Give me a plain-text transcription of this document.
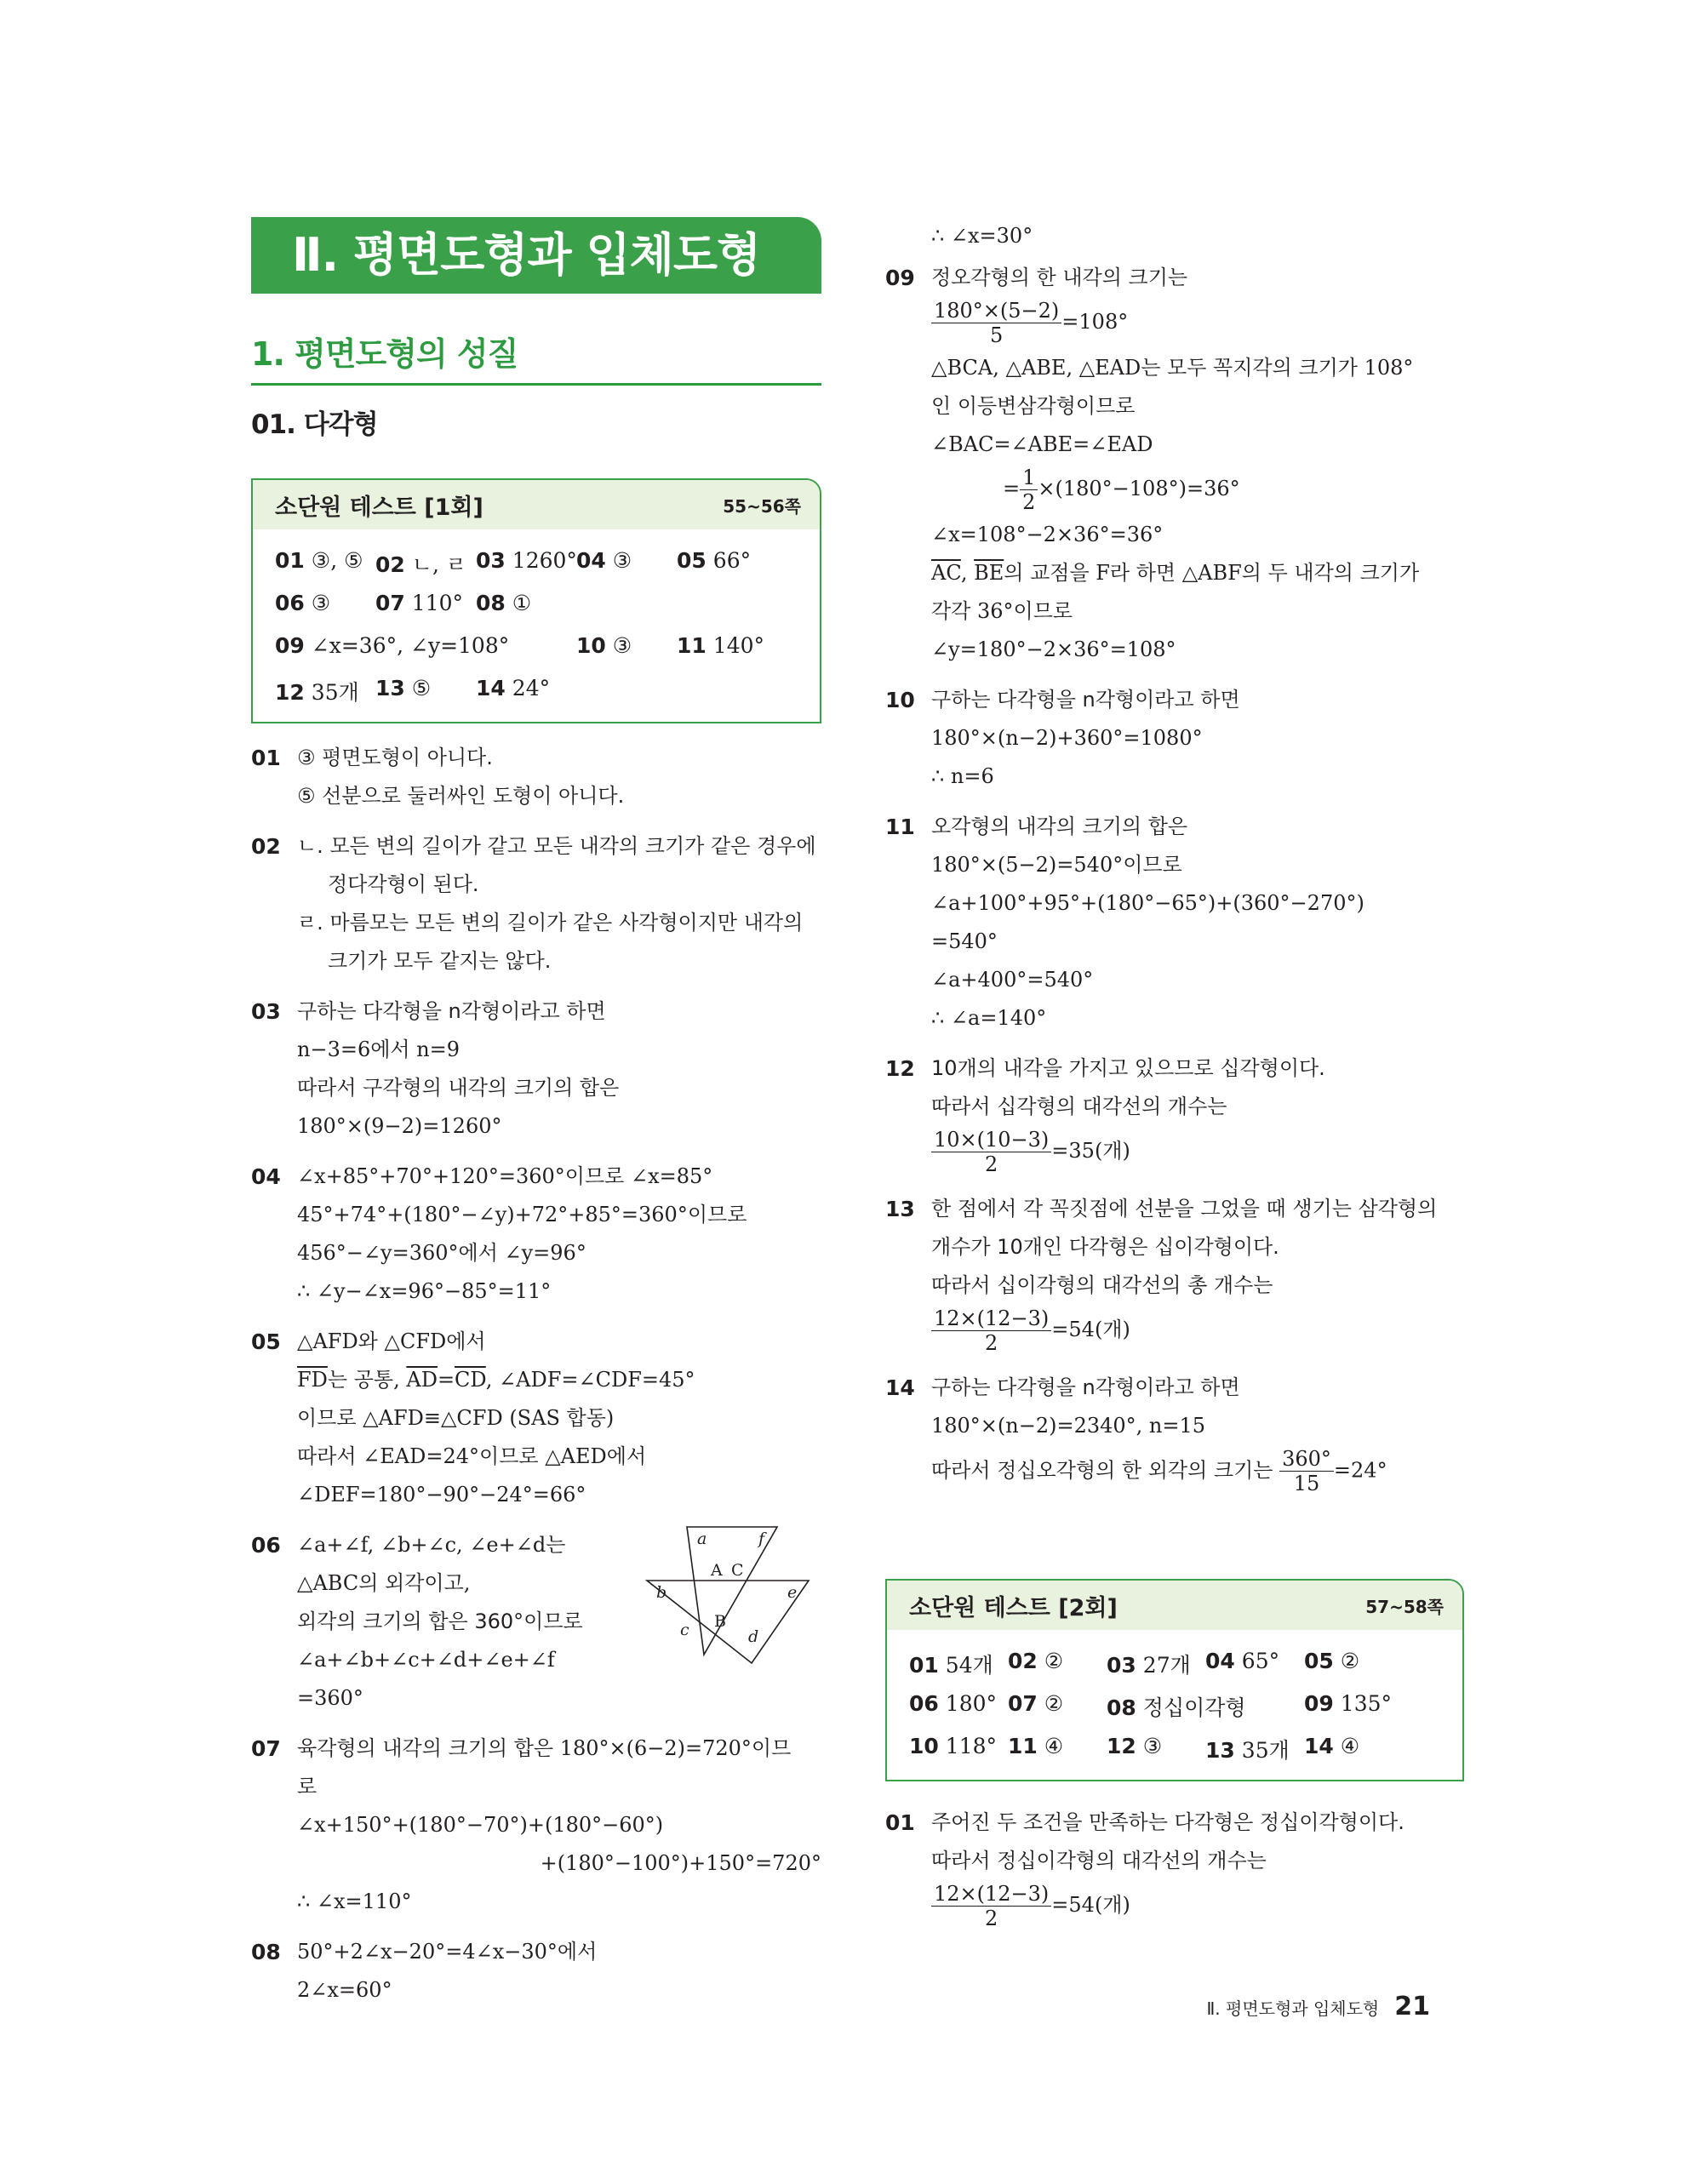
Ⅱ. 평면도형과 입체도형
1. 평면도형의 성질
01. 다각형
소단원 테스트 [1회]	55~56쪽
01 ③, ⑤ 02 ㄴ, ㄹ 03 1260° 04 ③ 05 66°
06 ③ 07 110° 08 ①
09 ∠x=36°, ∠y=108°	10 ③ 11 140°
12 35개 13 ⑤ 14 24°
01 ③ 평면도형이 아니다.
⑤ 선분으로 둘러싸인 도형이 아니다.
02 ㄴ. 모든 변의 길이가 같고 모든 내각의 크기가 같은 경우에
정다각형이 된다.
ㄹ. 마름모는 모든 변의 길이가 같은 사각형이지만 내각의
크기가 모두 같지는 않다.
03 구하는 다각형을 n각형이라고 하면
n−3=6에서 n=9
따라서 구각형의 내각의 크기의 합은
180°×(9−2)=1260°
04 ∠x+85°+70°+120°=360°이므로 ∠x=85°
45°+74°+(180°−∠y)+72°+85°=360°이므로
456°−∠y=360°에서 ∠y=96°
∴ ∠y−∠x=96°−85°=11°
05 △AFD와 △CFD에서
$\overline{FD}$는 공통, $\overline{AD}=\overline{CD}$, ∠ADF=∠CDF=45°
이므로 △AFD≡△CFD (SAS 합동)
따라서 ∠EAD=24°이므로 △AED에서
∠DEF=180°−90°−24°=66°
06 ∠a+∠f, ∠b+∠c, ∠e+∠d는
△ABC의 외각이고,
외각의 크기의 합은 360°이므로
∠a+∠b+∠c+∠d+∠e+∠f
=360°
a	f
A C
b	e
B
c	d
07 육각형의 내각의 크기의 합은 180°×(6−2)=720°이므
로
∠x+150°+(180°−70°)+(180°−60°)
+(180°−100°)+150°=720°
∴ ∠x=110°
08 50°+2∠x−20°=4∠x−30°에서
2∠x=60°
∴ ∠x=30°
09 정오각형의 한 내각의 크기는
$\frac{180^\circ\times(5-2)}{5} =108^\circ$
△BCA, △ABE, △EAD는 모두 꼭지각의 크기가 108°
인 이등변삼각형이므로
∠BAC=∠ABE=∠EAD
= $\frac{1}{2} \times(180^\circ-108^\circ)=36^\circ$
∠x=108°−2×36°=36°
$\overline{AC}$, $\overline{BE}$의 교점을 F라 하면 △ABF의 두 내각의 크기가
각각 36°이므로
∠y=180°−2×36°=108°
10 구하는 다각형을 n각형이라고 하면
180°×(n−2)+360°=1080°
∴ n=6
11 오각형의 내각의 크기의 합은
180°×(5−2)=540°이므로
∠a+100°+95°+(180°−65°)+(360°−270°)
=540°
∠a+400°=540°
∴ ∠a=140°
12 10개의 내각을 가지고 있으므로 십각형이다.
따라서 십각형의 대각선의 개수는
$\frac{10\times(10-3)}{2} =35$(개)
13 한 점에서 각 꼭짓점에 선분을 그었을 때 생기는 삼각형의
개수가 10개인 다각형은 십이각형이다.
따라서 십이각형의 대각선의 총 개수는
$\frac{12\times(12-3)}{2} =54$(개)
14 구하는 다각형을 n각형이라고 하면
180°×(n−2)=2340°, n=15
따라서 정십오각형의 한 외각의 크기는 $\frac{360^\circ}{15} =24^\circ$
소단원 테스트 [2회]	57~58쪽
01 54개 02 ② 03 27개 04 65° 05 ②
06 180° 07 ② 08 정십이각형	09 135°
10 118° 11 ④ 12 ③ 13 35개 14 ④
01 주어진 두 조건을 만족하는 다각형은 정십이각형이다.
따라서 정십이각형의 대각선의 개수는
$\frac{12\times(12-3)}{2} =54$(개)
Ⅱ. 평면도형과 입체도형 21
